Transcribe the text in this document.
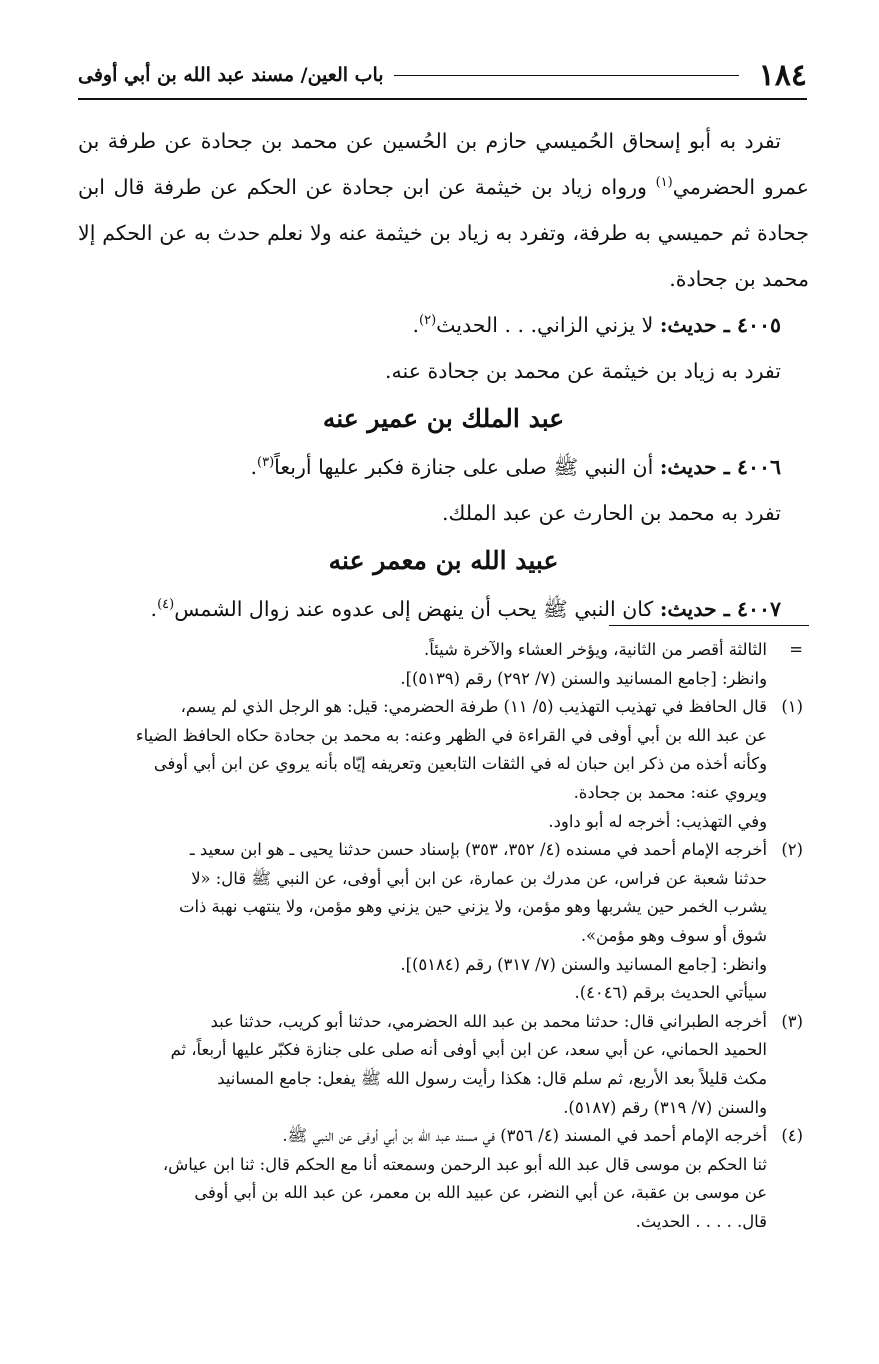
١٨٤
باب العين/ مسند عبد الله بن أبي أوفى

تفرد به أبو إسحاق الحُميسي حازم بن الحُسين عن محمد بن جحادة عن طرفة بن عمرو الحضرمي$^{(١)}$ ورواه زياد بن خيثمة عن ابن جحادة عن الحكم عن طرفة قال ابن جحادة ثم حميسي به طرفة، وتفرد به زياد بن خيثمة عنه ولا نعلم حدث به عن الحكم إلا محمد بن جحادة.

٤٠٠٥ ـ حديث: لا يزني الزاني. . . الحديث$^{(٢)}$.

تفرد به زياد بن خيثمة عن محمد بن جحادة عنه.

عبد الملك بن عمير عنه

٤٠٠٦ ـ حديث: أن النبي ﷺ صلى على جنازة فكبر عليها أربعاً$^{(٣)}$.

تفرد به محمد بن الحارث عن عبد الملك.

عبيد الله بن معمر عنه

٤٠٠٧ ـ حديث: كان النبي ﷺ يحب أن ينهض إلى عدوه عند زوال الشمس$^{(٤)}$.

=

الثالثة أقصر من الثانية، ويؤخر العشاء والآخرة شيئاً.

وانظر: [جامع المسانيد والسنن (٧/ ٢٩٢) رقم (٥١٣٩)].

(١)

قال الحافظ في تهذيب التهذيب (٥/ ١١) طرفة الحضرمي: قيل: هو الرجل الذي لم يسم،

عن عبد الله بن أبي أوفى في القراءة في الظهر وعنه: به محمد بن جحادة حكاه الحافظ الضياء

وكأنه أخذه من ذكر ابن حبان له في الثقات التابعين وتعريفه إيّاه بأنه يروي عن ابن أبي أوفى

ويروي عنه: محمد بن جحادة.

وفي التهذيب: أخرجه له أبو داود.

(٢)

أخرجه الإمام أحمد في مسنده (٤/ ٣٥٢، ٣٥٣) بإسناد حسن حدثنا يحيى ـ هو ابن سعيد ـ

حدثنا شعبة عن فراس، عن مدرك بن عمارة، عن ابن أبي أوفى، عن النبي ﷺ قال: «لا

يشرب الخمر حين يشربها وهو مؤمن، ولا يزني حين يزني وهو مؤمن، ولا ينتهب نهبة ذات

شوق أو سوف وهو مؤمن».

وانظر: [جامع المسانيد والسنن (٧/ ٣١٧) رقم (٥١٨٤)].

سيأتي الحديث برقم (٤٠٤٦).

(٣)

أخرجه الطبراني قال: حدثنا محمد بن عبد الله الحضرمي، حدثنا أبو كريب، حدثنا عبد

الحميد الحماني، عن أبي سعد، عن ابن أبي أوفى أنه صلى على جنازة فكبّر عليها أربعاً، ثم

مكث قليلاً بعد الأربع، ثم سلم قال: هكذا رأيت رسول الله ﷺ يفعل: جامع المسانيد

والسنن (٧/ ٣١٩) رقم (٥١٨٧).

(٤)

أخرجه الإمام أحمد في المسند (٤/ ٣٥٦) في مسند عبد الله بن أبي أوفى عن النبي ﷺ.

ثنا الحكم بن موسى قال عبد الله أبو عبد الرحمن وسمعته أنا مع الحكم قال: ثنا ابن عياش،

عن موسى بن عقبة، عن أبي النضر، عن عبيد الله بن معمر، عن عبد الله بن أبي أوفى

قال. . . . . الحديث.
